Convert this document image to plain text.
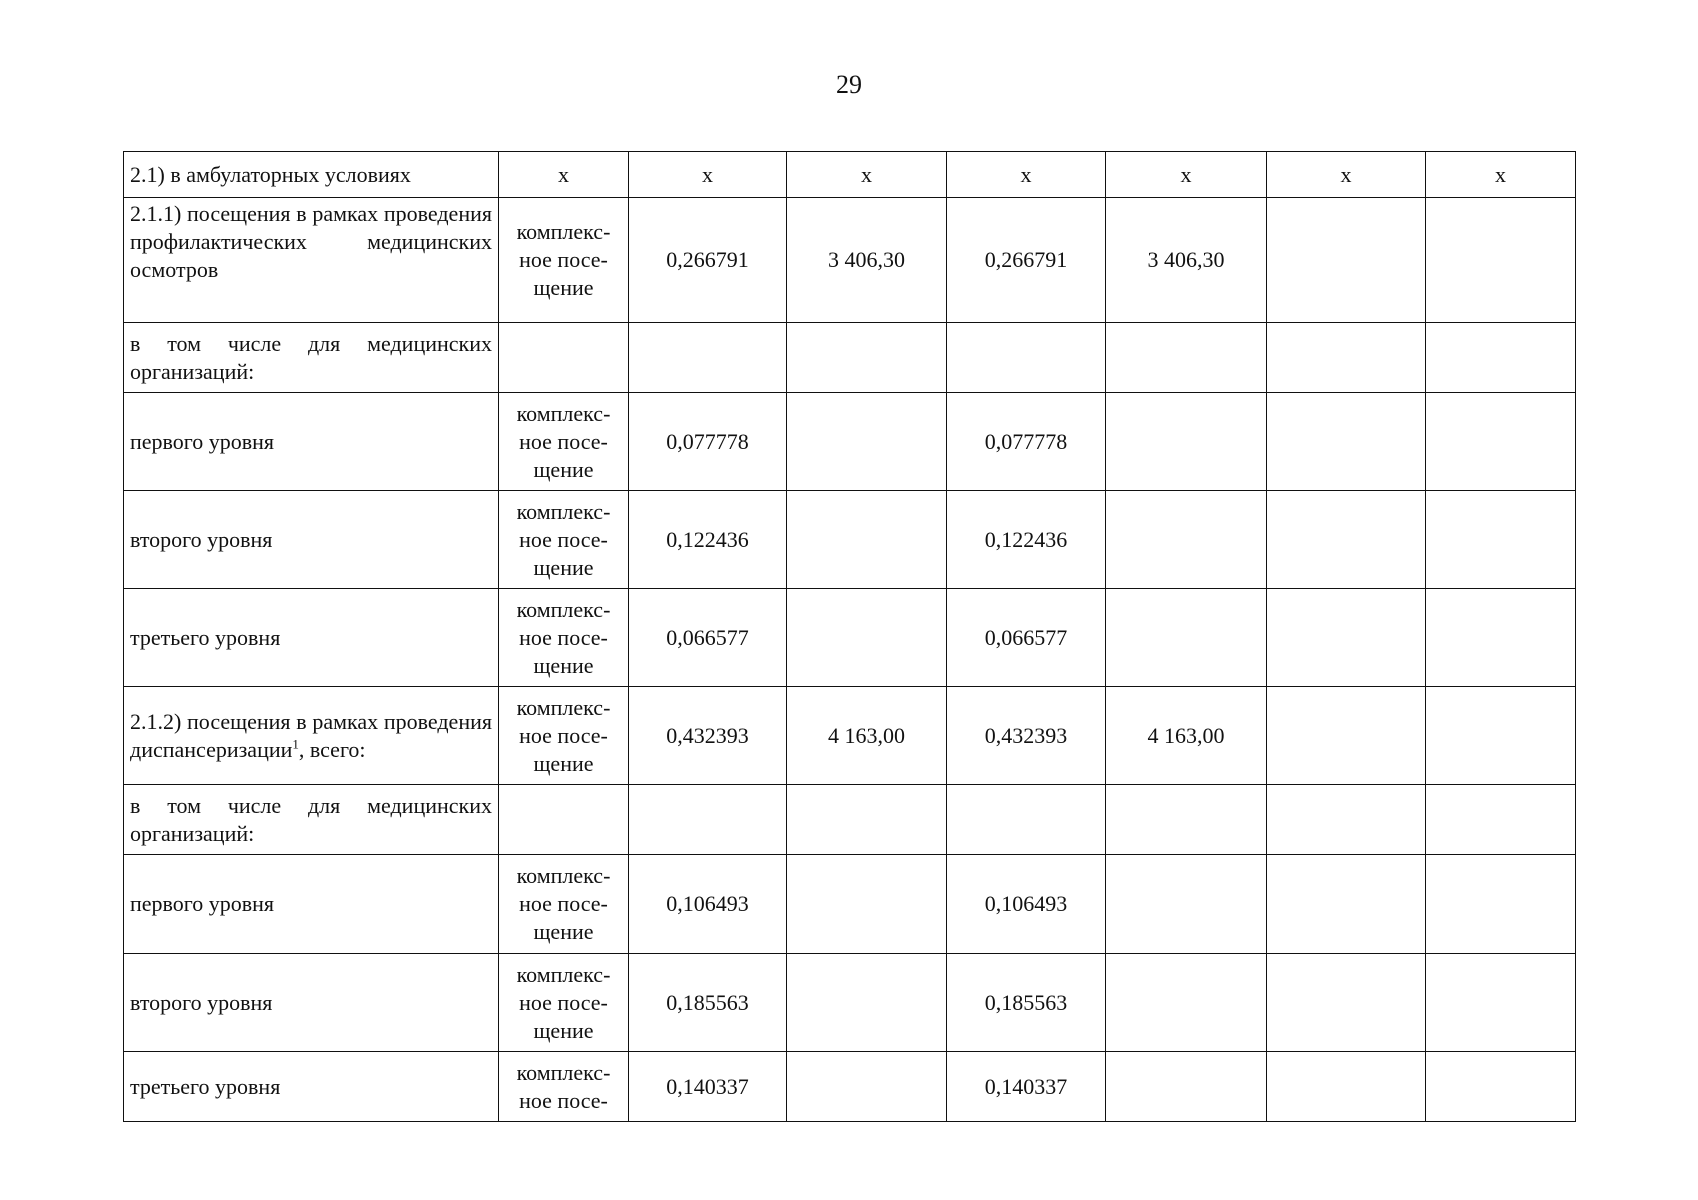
29
2.1) в амбулаторных условиях	х	х	х	х	х	х	х
2.1.1) посещения в рамках проведения профилактических медицинских осмотров	комплекс-ное посе-щение	0,266791	3 406,30	0,266791	3 406,30		
в том числе для медицинских организаций:							
первого уровня	комплекс-ное посе-щение	0,077778		0,077778			
второго уровня	комплекс-ное посе-щение	0,122436		0,122436			
третьего уровня	комплекс-ное посе-щение	0,066577		0,066577			
2.1.2) посещения в рамках проведения диспансеризации$^1$, всего:	комплекс-ное посе-щение	0,432393	4 163,00	0,432393	4 163,00		
в том числе для медицинских организаций:							
первого уровня	комплекс-ное посе-щение	0,106493		0,106493			
второго уровня	комплекс-ное посе-щение	0,185563		0,185563			
третьего уровня	комплекс-ное посе-	0,140337		0,140337			
